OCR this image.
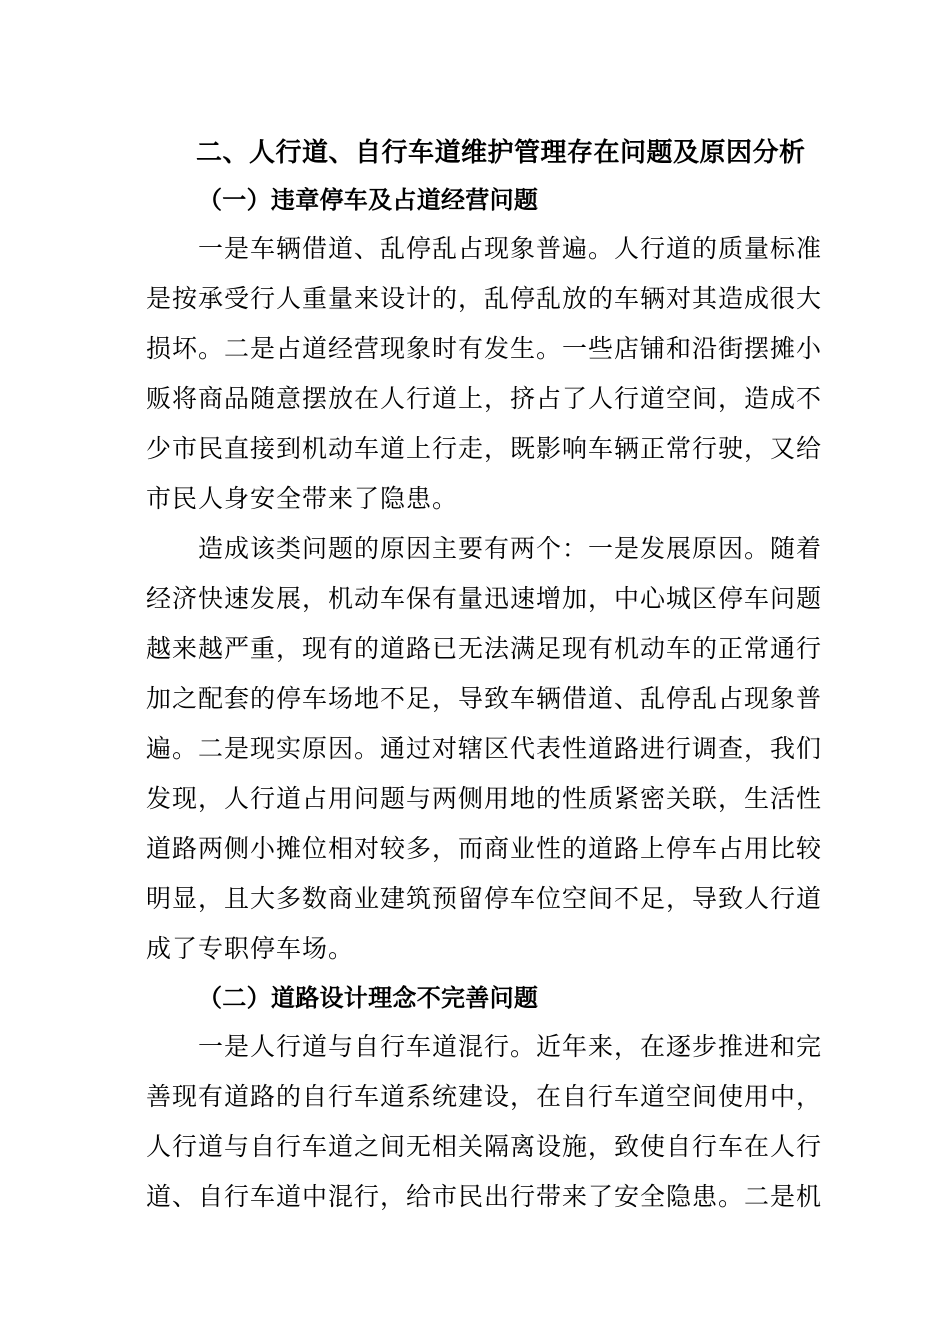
二、人行道、自行车道维护管理存在问题及原因分析
（一）违章停车及占道经营问题
一是车辆借道、乱停乱占现象普遍。人行道的质量标准
是按承受行人重量来设计的，乱停乱放的车辆对其造成很大
损坏。二是占道经营现象时有发生。一些店铺和沿街摆摊小
贩将商品随意摆放在人行道上，挤占了人行道空间，造成不
少市民直接到机动车道上行走，既影响车辆正常行驶，又给
市民人身安全带来了隐患。
造成该类问题的原因主要有两个：一是发展原因。随着
经济快速发展，机动车保有量迅速增加，中心城区停车问题
越来越严重，现有的道路已无法满足现有机动车的正常通行
加之配套的停车场地不足，导致车辆借道、乱停乱占现象普
遍。二是现实原因。通过对辖区代表性道路进行调查，我们
发现，人行道占用问题与两侧用地的性质紧密关联，生活性
道路两侧小摊位相对较多，而商业性的道路上停车占用比较
明显，且大多数商业建筑预留停车位空间不足，导致人行道
成了专职停车场。
（二）道路设计理念不完善问题
一是人行道与自行车道混行。近年来，在逐步推进和完
善现有道路的自行车道系统建设，在自行车道空间使用中，
人行道与自行车道之间无相关隔离设施，致使自行车在人行
道、自行车道中混行，给市民出行带来了安全隐患。二是机
